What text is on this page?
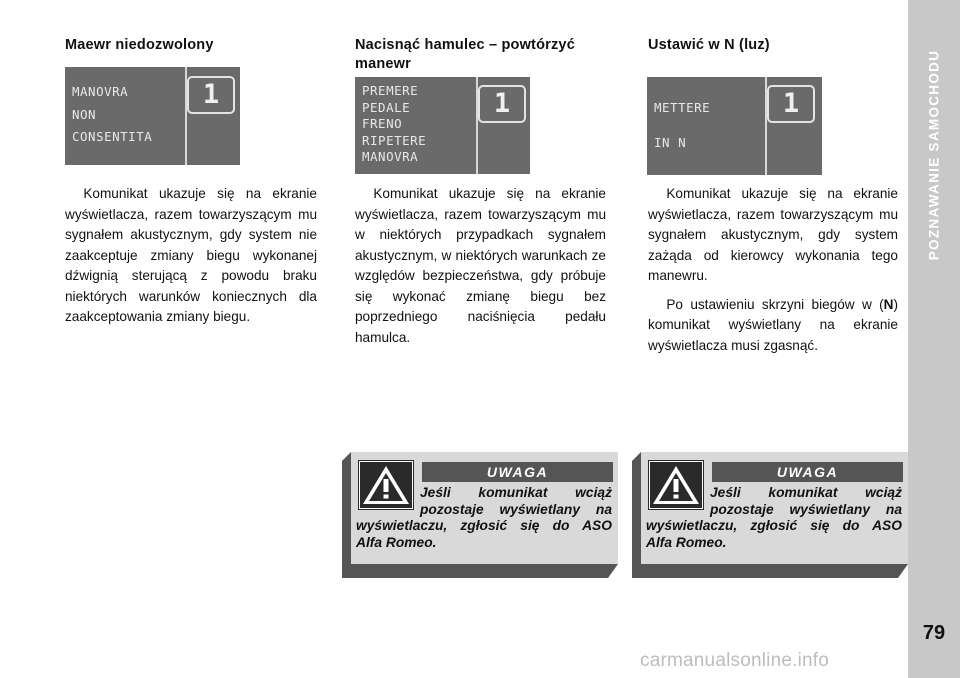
Maewr niedozwolony
MANOVRA
NON
CONSENTITA
1

Komunikat ukazuje się na ekranie wyświetlacza, razem towarzyszącym mu sygnałem akustycznym, gdy system nie zaakceptuje zmiany biegu wykonanej dźwignią sterującą z powodu braku niektórych warunków koniecznych dla zaakceptowania zmiany biegu.

Nacisnąć hamulec – powtórzyć manewr
PREMERE
PEDALE
FRENO
RIPETERE
MANOVRA
1

Komunikat ukazuje się na ekranie wyświetlacza, razem towarzyszącym mu w niektórych przypadkach sygnałem akustycznym, w niektórych warunkach ze względów bezpieczeństwa, gdy próbuje się wykonać zmianę biegu bez poprzedniego naciśnięcia pedału hamulca.

Ustawić w N (luz)
METTERE
IN N
1

Komunikat ukazuje się na ekranie wyświetlacza, razem towarzyszącym mu sygnałem akustycznym, gdy system zażąda od kierowcy wykonania tego manewru.

Po ustawieniu skrzyni biegów w (N) komunikat wyświetlany na ekranie wyświetlacza musi zgasnąć.

UWAGA
Jeśli komunikat wciąż
pozostaje wyświetlany na
wyświetlaczu, zgłosić się do ASO
Alfa Romeo.
UWAGA
Jeśli komunikat wciąż
pozostaje wyświetlany na
wyświetlaczu, zgłosić się do ASO
Alfa Romeo.
POZNAWANIE SAMOCHODU
79
carmanualsonline.info
